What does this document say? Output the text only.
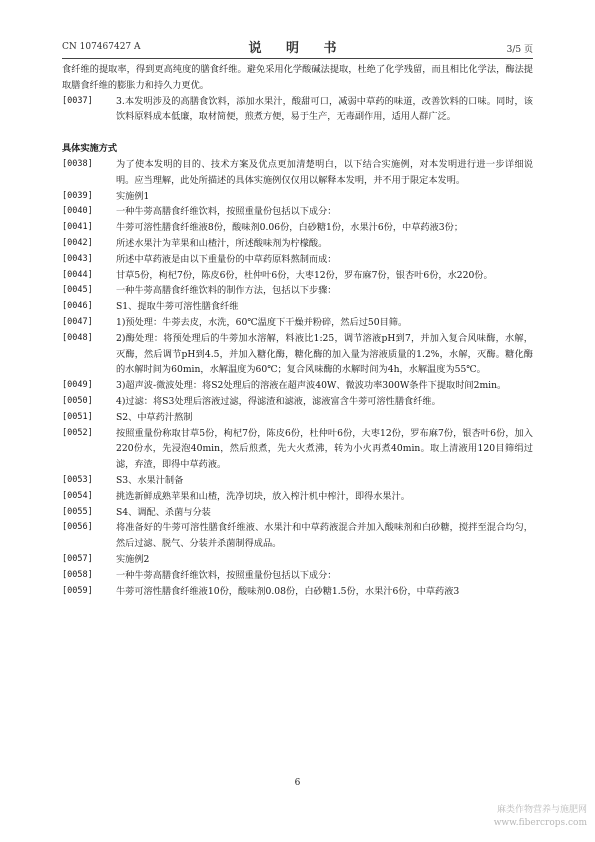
CN 107467427 A	说 明 书	3/5 页
食纤维的提取率，得到更高纯度的膳食纤维。避免采用化学酸碱法提取，杜绝了化学残留，而且相比化学法，酶法提取膳食纤维的膨胀力和持久力更优。
[0037]	3.本发明涉及的高膳食饮料，添加水果汁，酸甜可口，减弱中草药的味道，改善饮料的口味。同时，该饮料原料成本低廉，取材简便，煎煮方便，易于生产，无毒副作用，适用人群广泛。
具体实施方式
[0038]	为了使本发明的目的、技术方案及优点更加清楚明白，以下结合实施例，对本发明进行进一步详细说明。应当理解，此处所描述的具体实施例仅仅用以解释本发明，并不用于限定本发明。
[0039]	实施例1
[0040]	一种牛蒡高膳食纤维饮料，按照重量份包括以下成分：
[0041]	牛蒡可溶性膳食纤维液8份，酸味剂0.06份，白砂糖1份，水果汁6份，中草药液3份；
[0042]	所述水果汁为苹果和山楂汁，所述酸味剂为柠檬酸。
[0043]	所述中草药液是由以下重量份的中草药原料熬制而成：
[0044]	甘草5份，枸杞7份，陈皮6份，杜仲叶6份，大枣12份，罗布麻7份，银杏叶6份，水220份。
[0045]	一种牛蒡高膳食纤维饮料的制作方法，包括以下步骤：
[0046]	S1、提取牛蒡可溶性膳食纤维
[0047]	1)预处理：牛蒡去皮，水洗，60℃温度下干燥并粉碎，然后过50目筛。
[0048]	2)酶处理：将预处理后的牛蒡加水溶解，料液比1:25，调节溶液pH到7，并加入复合风味酶，水解，灭酶，然后调节pH到4.5，并加入糖化酶，糖化酶的加入量为溶液质量的1.2%，水解，灭酶。糖化酶的水解时间为60min，水解温度为60℃；复合风味酶的水解时间为4h，水解温度为55℃。
[0049]	3)超声波-微波处理：将S2处理后的溶液在超声波40W、微波功率300W条件下提取时间2min。
[0050]	4)过滤：将S3处理后溶液过滤，得滤渣和滤液，滤液富含牛蒡可溶性膳食纤维。
[0051]	S2、中草药汁熬制
[0052]	按照重量份称取甘草5份，枸杞7份，陈皮6份，杜仲叶6份，大枣12份，罗布麻7份，银杏叶6份，加入220份水，先浸泡40min，然后煎煮，先大火煮沸，转为小火再煮40min。取上清液用120目筛绢过滤，弃渣，即得中草药液。
[0053]	S3、水果汁制备
[0054]	挑选新鲜成熟苹果和山楂，洗净切块，放入榨汁机中榨汁，即得水果汁。
[0055]	S4、调配、杀菌与分装
[0056]	将准备好的牛蒡可溶性膳食纤维液、水果汁和中草药液混合并加入酸味剂和白砂糖，搅拌至混合均匀，然后过滤、脱气、分装并杀菌制得成品。
[0057]	实施例2
[0058]	一种牛蒡高膳食纤维饮料，按照重量份包括以下成分：
[0059]	牛蒡可溶性膳食纤维液10份，酸味剂0.08份，白砂糖1.5份，水果汁6份，中草药液3
6
麻类作物营养与施肥网
www.fibercrops.com
